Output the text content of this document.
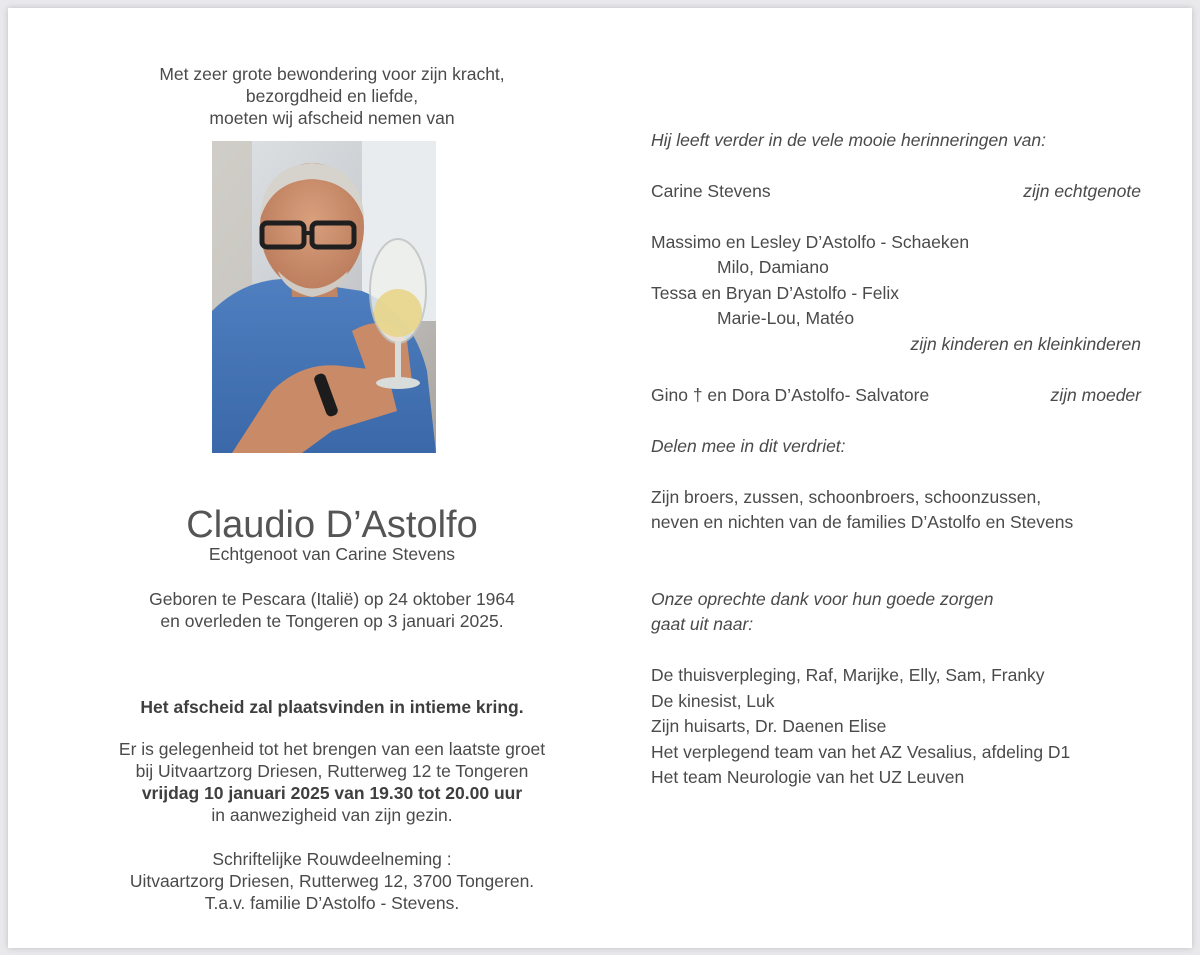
Met zeer grote bewondering voor zijn kracht,

bezorgdheid en liefde,

moeten wij afscheid nemen van

Claudio D’Astolfo

Echtgenoot van Carine Stevens

Geboren te Pescara (Italië) op 24 oktober 1964

en overleden te Tongeren op 3 januari 2025.

Het afscheid zal plaatsvinden in intieme kring.

Er is gelegenheid tot het brengen van een laatste groet

bij Uitvaartzorg Driesen, Rutterweg 12 te Tongeren

vrijdag 10 januari 2025 van 19.30 tot 20.00 uur

in aanwezigheid van zijn gezin.

Schriftelijke Rouwdeelneming :

Uitvaartzorg Driesen, Rutterweg 12, 3700 Tongeren.

T.a.v. familie D’Astolfo - Stevens.

Hij leeft verder in de vele mooie herinneringen van:

Carine Stevens	zijn echtgenote

Massimo en Lesley D’Astolfo - Schaeken

Milo, Damiano

Tessa en Bryan D’Astolfo - Felix

Marie-Lou, Matéo

zijn kinderen en kleinkinderen

Gino † en Dora D’Astolfo- Salvatore	zijn moeder

Delen mee in dit verdriet:

Zijn broers, zussen, schoonbroers, schoonzussen,

neven en nichten van de families D’Astolfo en Stevens

Onze oprechte dank voor hun goede zorgen

gaat uit naar:

De thuisverpleging, Raf, Marijke, Elly, Sam, Franky

De kinesist, Luk

Zijn huisarts, Dr. Daenen Elise

Het verplegend team van het AZ Vesalius, afdeling D1

Het team Neurologie van het UZ Leuven
